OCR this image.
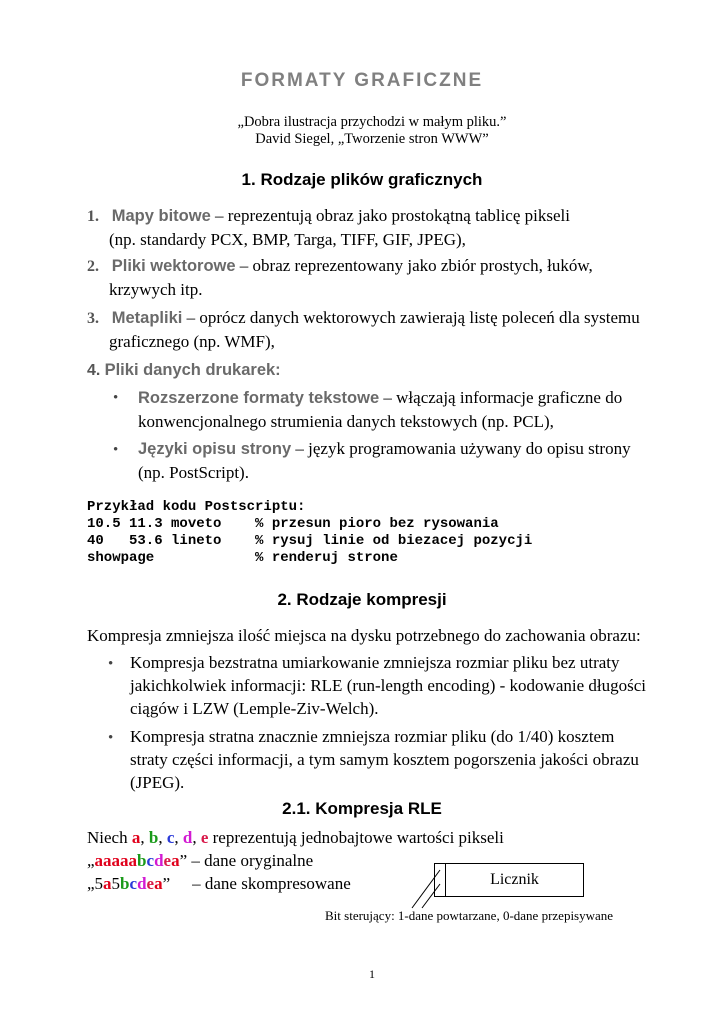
FORMATY GRAFICZNE
„Dobra ilustracja przychodzi w małym pliku.”
David Siegel, „Tworzenie stron WWW”
1. Rodzaje plików graficznych
1. Mapy bitowe – reprezentują obraz jako prostokątną tablicę pikseli
(np. standardy PCX, BMP, Targa, TIFF, GIF, JPEG),
2. Pliki wektorowe – obraz reprezentowany jako zbiór prostych, łuków,
krzywych itp.
3. Metapliki – oprócz danych wektorowych zawierają listę poleceń dla systemu
graficznego (np. WMF),
4. Pliki danych drukarek:
• Rozszerzone formaty tekstowe – włączają informacje graficzne do
konwencjonalnego strumienia danych tekstowych (np. PCL),
• Języki opisu strony – język programowania używany do opisu strony
(np. PostScript).
Przykład kodu Postscriptu:
10.5 11.3 moveto    % przesun pioro bez rysowania
40   53.6 lineto    % rysuj linie od biezacej pozycji
showpage            % renderuj strone
2. Rodzaje kompresji
Kompresja zmniejsza ilość miejsca na dysku potrzebnego do zachowania obrazu:
• Kompresja bezstratna umiarkowanie zmniejsza rozmiar pliku bez utraty
jakichkolwiek informacji: RLE (run-length encoding) - kodowanie długości
ciągów i LZW (Lemple-Ziv-Welch).
• Kompresja stratna znacznie zmniejsza rozmiar pliku (do 1/40) kosztem
straty części informacji, a tym samym kosztem pogorszenia jakości obrazu
(JPEG).
2.1. Kompresja RLE
Niech a, b, c, d, e reprezentują jednobajtowe wartości pikseli
„aaaaabcdea” – dane oryginalne
„5a5bcdea” – dane skompresowane	Licznik
Bit sterujący: 1-dane powtarzane, 0-dane przepisywane
1
